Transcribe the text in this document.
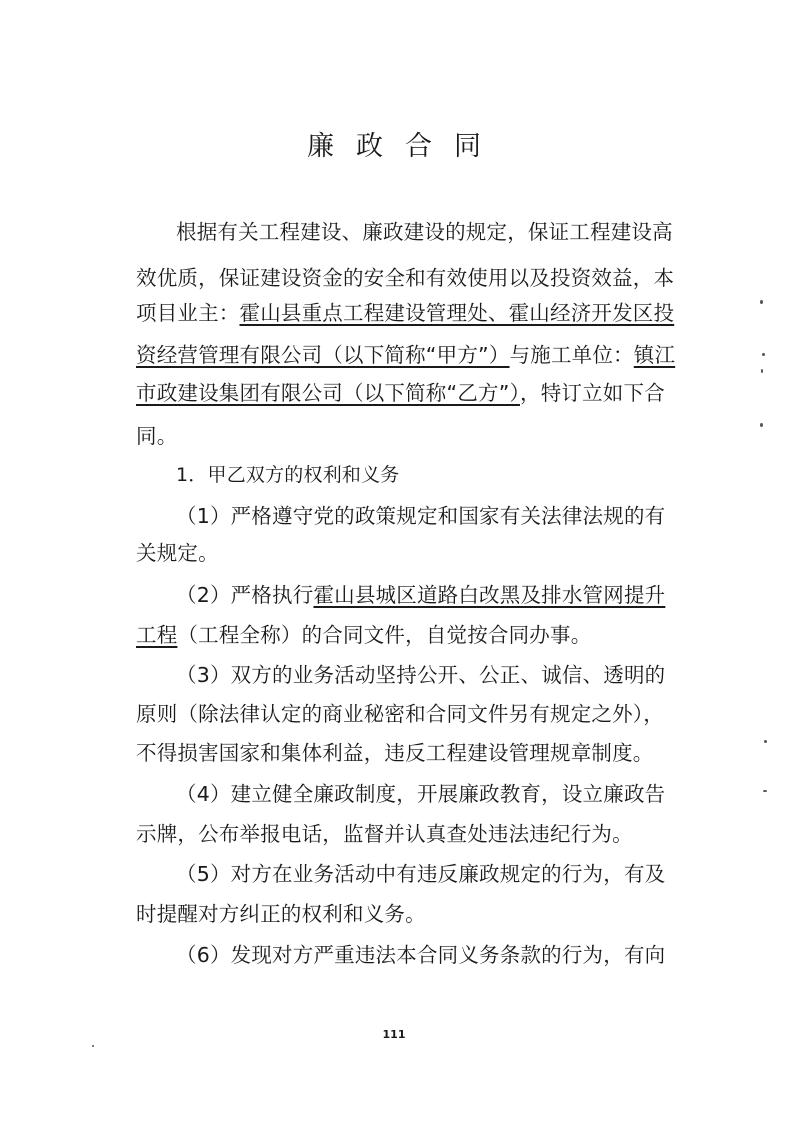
廉政合同
根据有关工程建设、廉政建设的规定，保证工程建设高
效优质，保证建设资金的安全和有效使用以及投资效益，本
项目业主：霍山县重点工程建设管理处、霍山经济开发区投
资经营管理有限公司（以下简称“甲方”）与施工单位：镇江
市政建设集团有限公司（以下简称“乙方”），特订立如下合
同。
1．甲乙双方的权利和义务
（1）严格遵守党的政策规定和国家有关法律法规的有
关规定。
（2）严格执行霍山县城区道路白改黑及排水管网提升
工程（工程全称）的合同文件，自觉按合同办事。
（3）双方的业务活动坚持公开、公正、诚信、透明的
原则（除法律认定的商业秘密和合同文件另有规定之外），
不得损害国家和集体利益，违反工程建设管理规章制度。
（4）建立健全廉政制度，开展廉政教育，设立廉政告
示牌，公布举报电话，监督并认真查处违法违纪行为。
（5）对方在业务活动中有违反廉政规定的行为，有及
时提醒对方纠正的权利和义务。
（6）发现对方严重违法本合同义务条款的行为，有向
111
